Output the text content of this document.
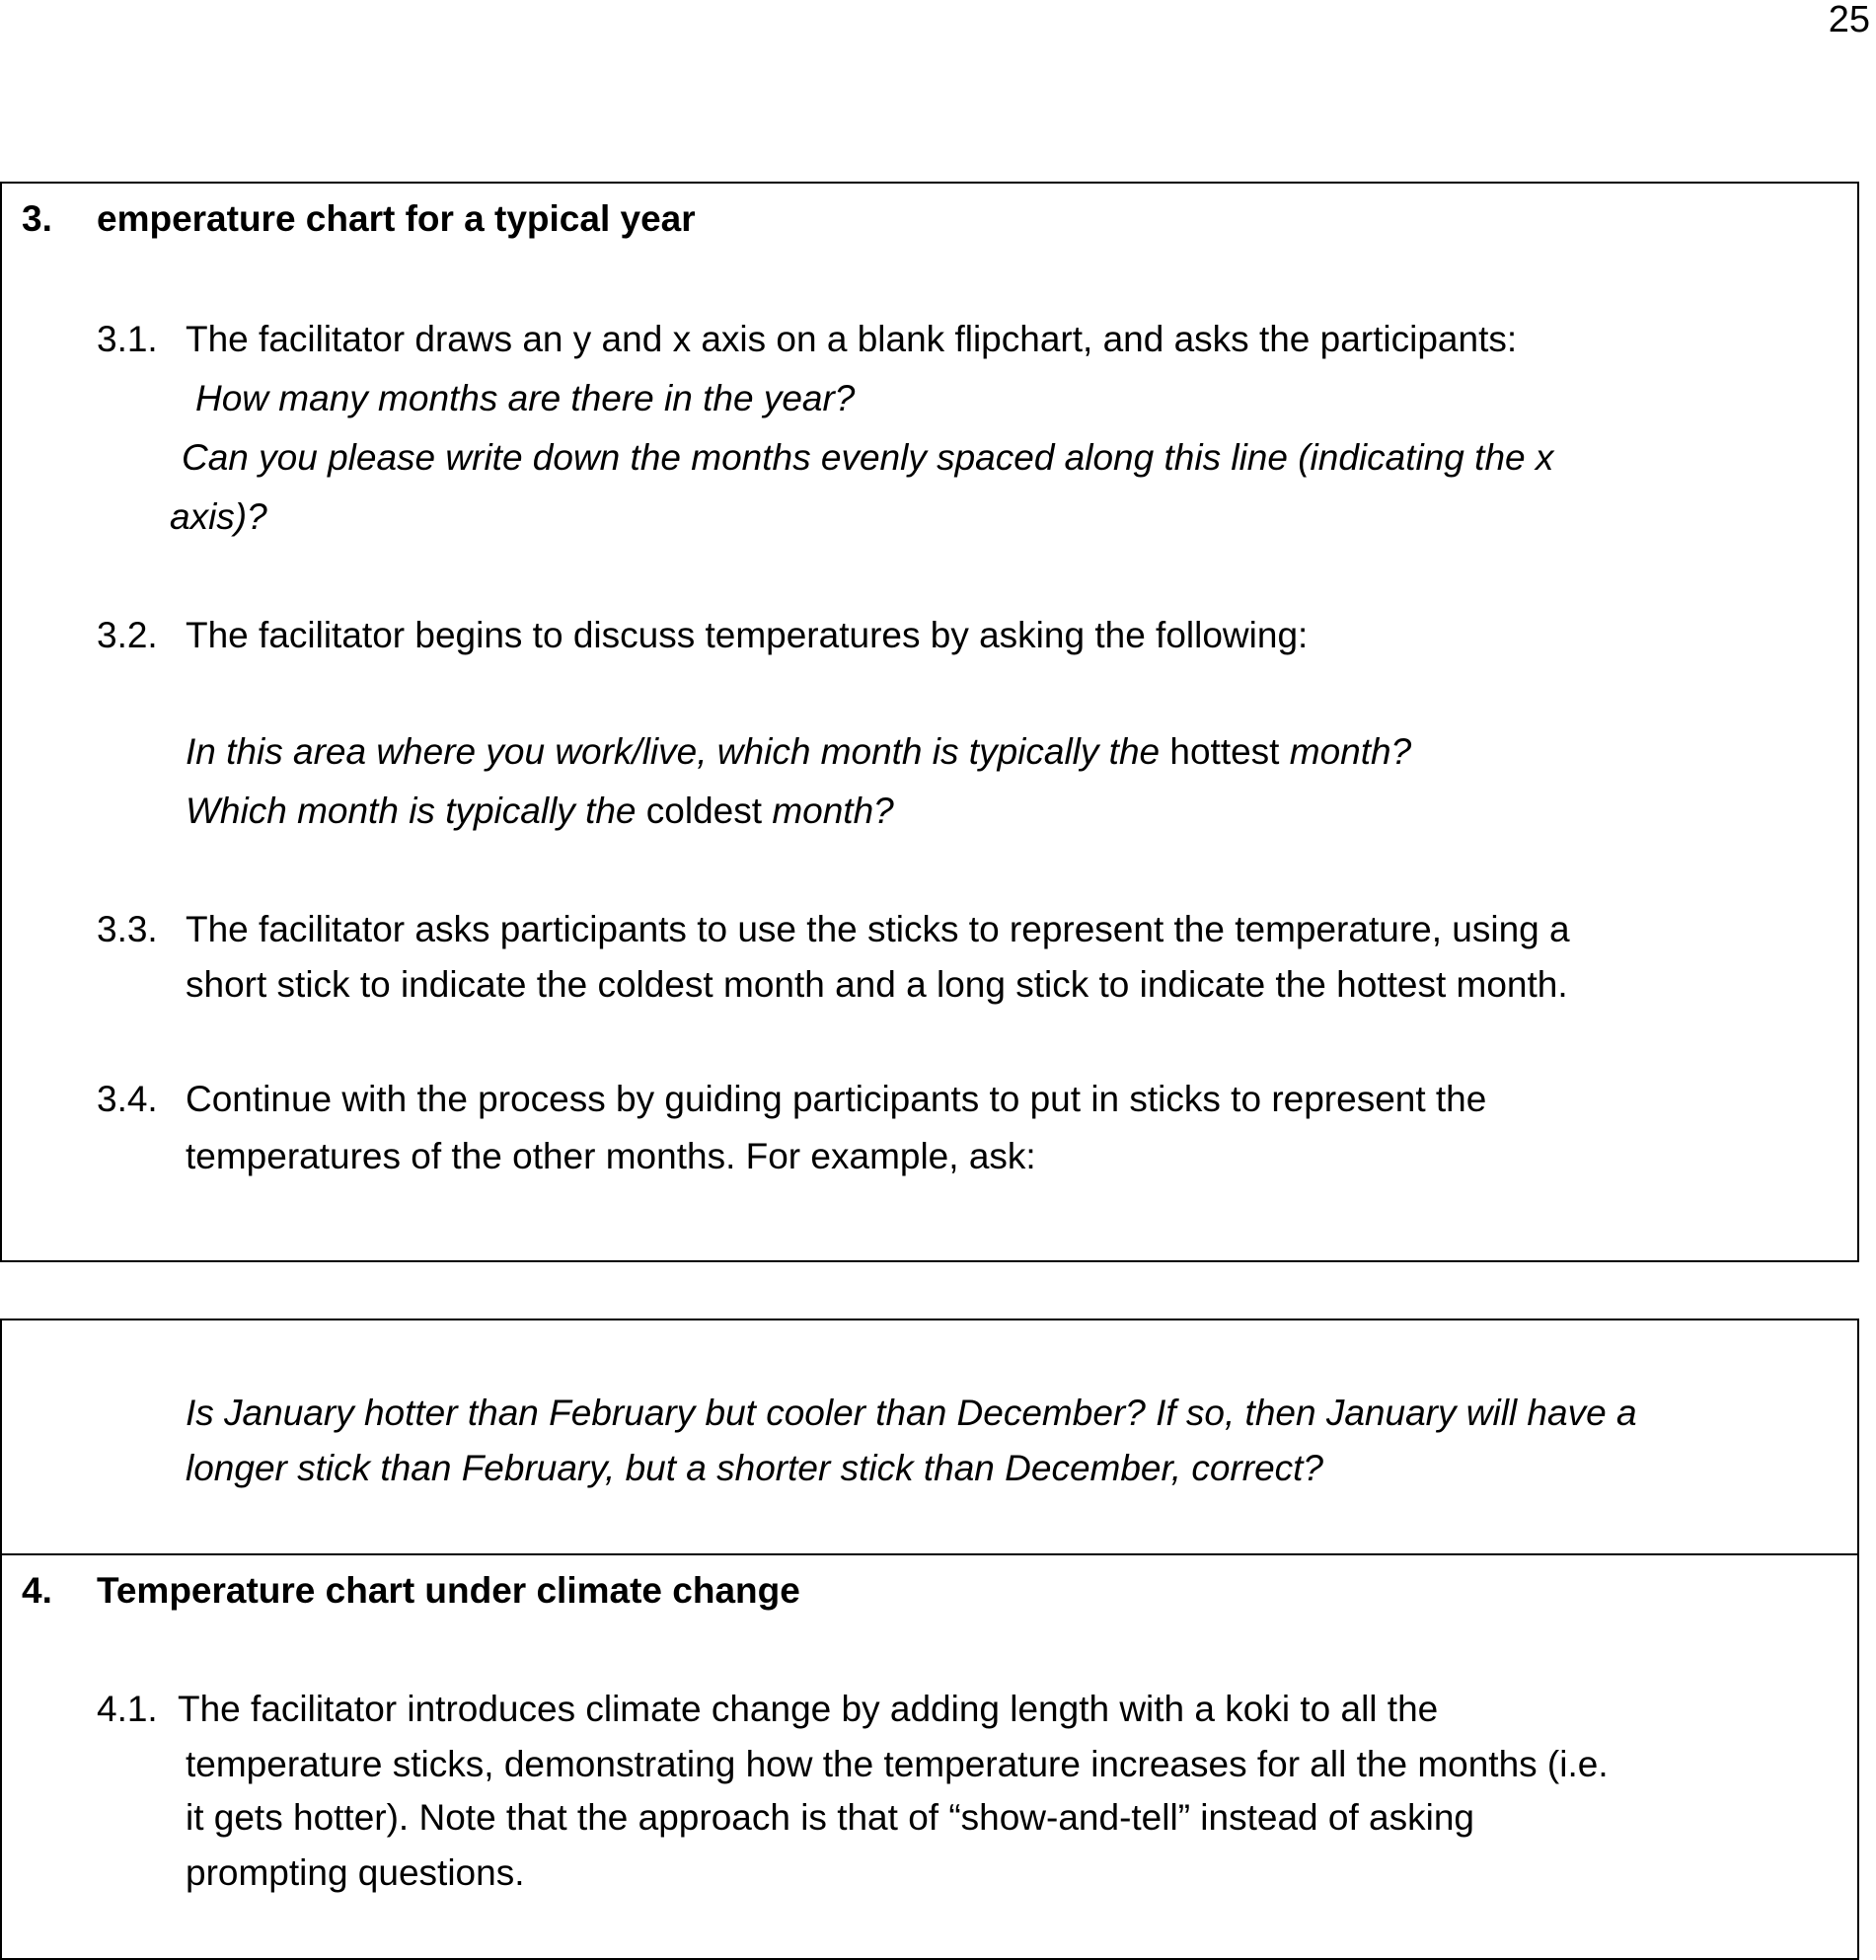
25
3. emperature chart for a typical year
3.1. The facilitator draws an y and x axis on a blank flipchart, and asks the participants:
How many months are there in the year?
Can you please write down the months evenly spaced along this line (indicating the x
axis)?
3.2. The facilitator begins to discuss temperatures by asking the following:
In this area where you work/live, which month is typically the hottest month?
Which month is typically the coldest month?
3.3. The facilitator asks participants to use the sticks to represent the temperature, using a
short stick to indicate the coldest month and a long stick to indicate the hottest month.
3.4. Continue with the process by guiding participants to put in sticks to represent the
temperatures of the other months. For example, ask:
Is January hotter than February but cooler than December? If so, then January will have a
longer stick than February, but a shorter stick than December, correct?
4. Temperature chart under climate change
4.1. The facilitator introduces climate change by adding length with a koki to all the
temperature sticks, demonstrating how the temperature increases for all the months (i.e.
it gets hotter). Note that the approach is that of “show-and-tell” instead of asking
prompting questions.
